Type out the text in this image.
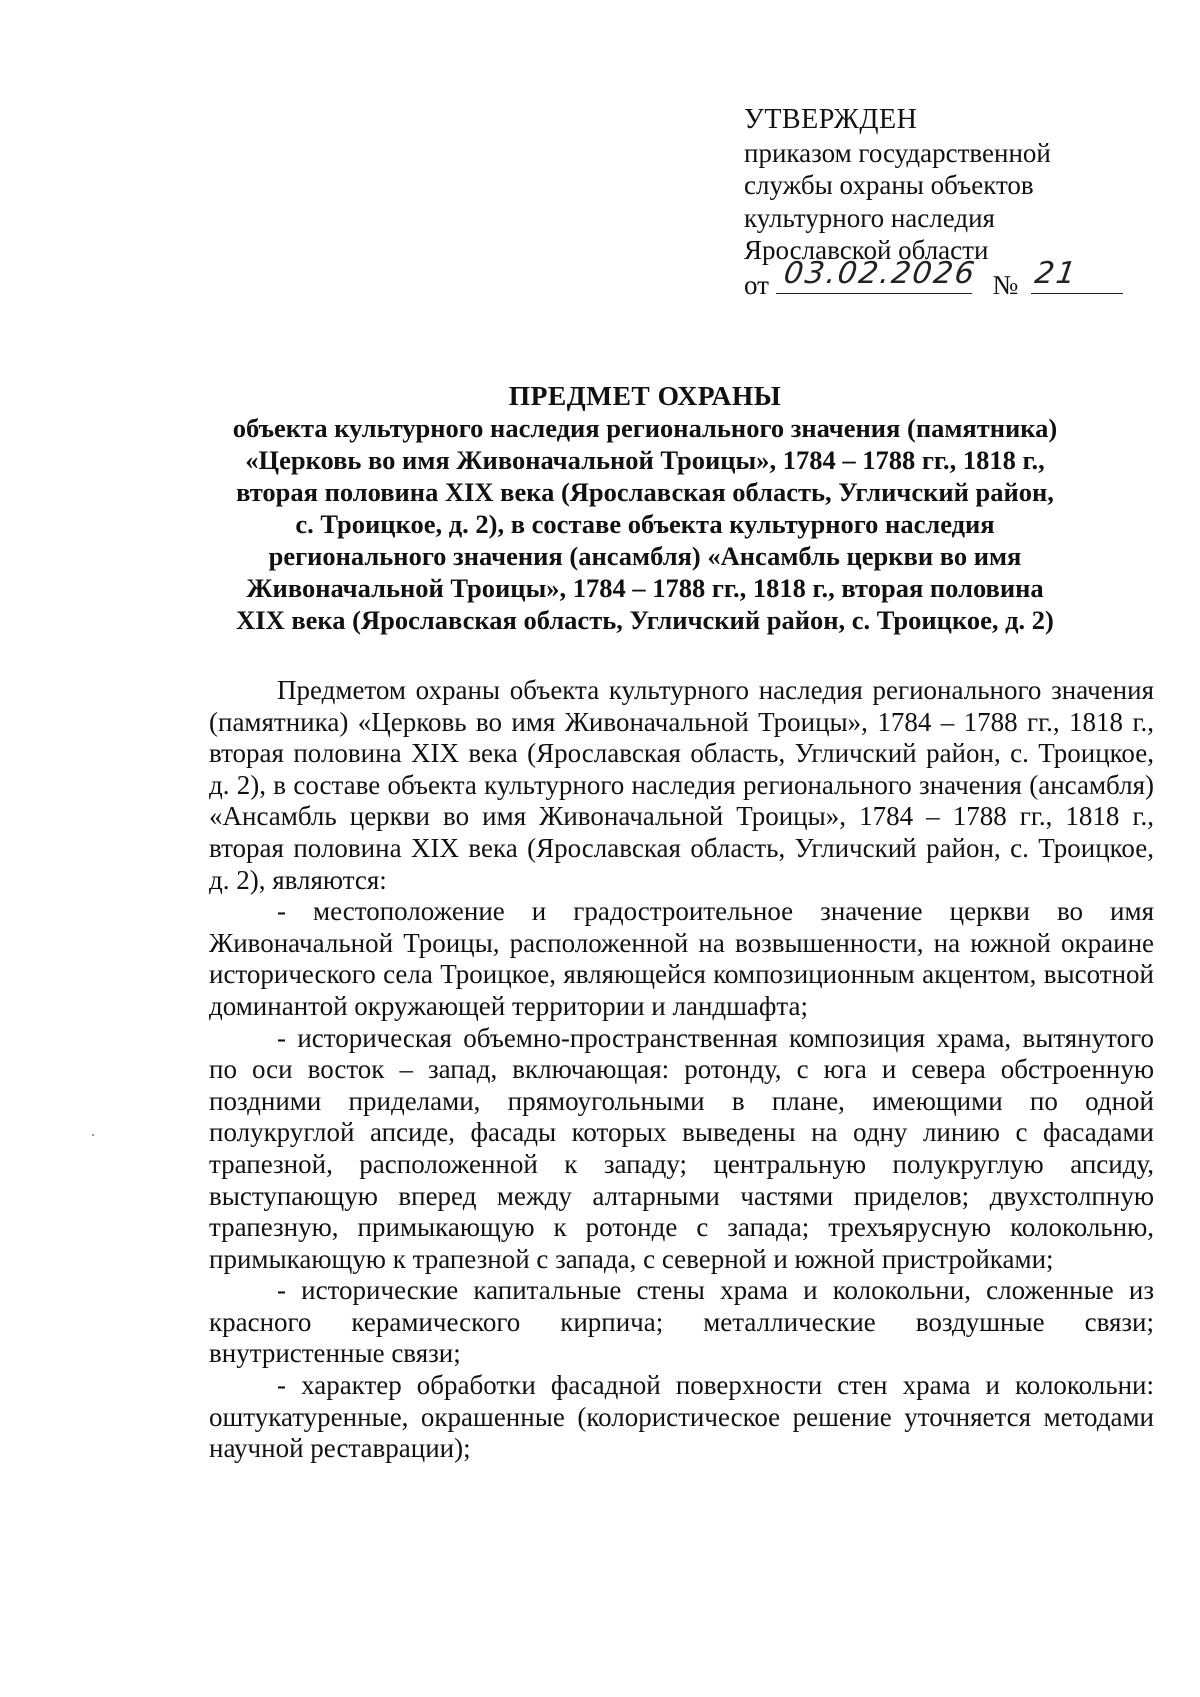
УТВЕРЖДЕН
приказом государственной
службы охраны объектов
культурного наследия
Ярославской области
от 03.02.2026 № 21
ПРЕДМЕТ ОХРАНЫ
объекта культурного наследия регионального значения (памятника)
«Церковь во имя Живоначальной Троицы», 1784 – 1788 гг., 1818 г.,
вторая половина XIX века (Ярославская область, Угличский район,
с. Троицкое, д. 2), в составе объекта культурного наследия
регионального значения (ансамбля) «Ансамбль церкви во имя
Живоначальной Троицы», 1784 – 1788 гг., 1818 г., вторая половина
XIX века (Ярославская область, Угличский район, с. Троицкое, д. 2)

Предметом охраны объекта культурного наследия регионального значения (памятника) «Церковь во имя Живоначальной Троицы», 1784 – 1788 гг., 1818 г., вторая половина XIX века (Ярославская область, Угличский район, с. Троицкое, д. 2), в составе объекта культурного наследия регионального значения (ансамбля) «Ансамбль церкви во имя Живоначальной Троицы», 1784 – 1788 гг., 1818 г., вторая половина XIX века (Ярославская область, Угличский район, с. Троицкое, д. 2), являются:

- местоположение и градостроительное значение церкви во имя Живоначальной Троицы, расположенной на возвышенности, на южной окраине исторического села Троицкое, являющейся композиционным акцентом, высотной доминантой окружающей территории и ландшафта;

- историческая объемно-пространственная композиция храма, вытянутого по оси восток – запад, включающая: ротонду, с юга и севера обстроенную поздними приделами, прямоугольными в плане, имеющими по одной полукруглой апсиде, фасады которых выведены на одну линию с фасадами трапезной, расположенной к западу; центральную полукруглую апсиду, выступающую вперед между алтарными частями приделов; двухстолпную трапезную, примыкающую к ротонде с запада; трехъярусную колокольню, примыкающую к трапезной с запада, с северной и южной пристройками;

- исторические капитальные стены храма и колокольни, сложенные из красного керамического кирпича; металлические воздушные связи; внутристенные связи;

- характер обработки фасадной поверхности стен храма и колокольни: оштукатуренные, окрашенные (колористическое решение уточняется методами научной реставрации);
